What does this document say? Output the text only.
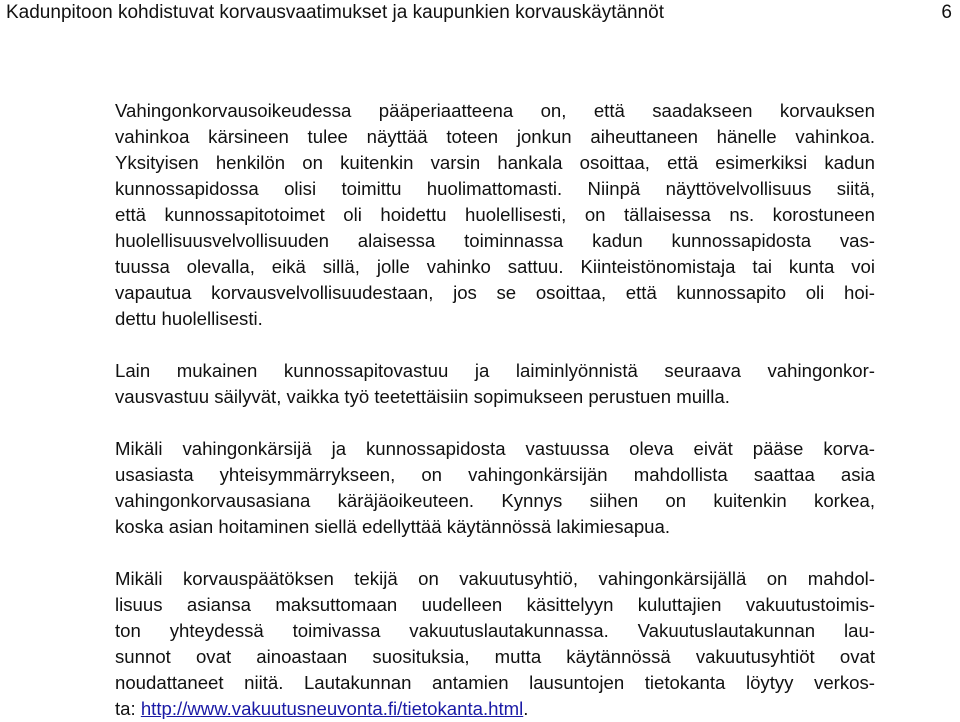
Kadunpitoon kohdistuvat korvausvaatimukset ja kaupunkien korvauskäytännöt	6

Vahingonkorvausoikeudessa pääperiaatteena on, että saadakseen korvauksen
vahinkoa kärsineen tulee näyttää toteen jonkun aiheuttaneen hänelle vahinkoa.
Yksityisen henkilön on kuitenkin varsin hankala osoittaa, että esimerkiksi kadun
kunnossapidossa olisi toimittu huolimattomasti. Niinpä näyttövelvollisuus siitä,
että kunnossapitotoimet oli hoidettu huolellisesti, on tällaisessa ns. korostuneen
huolellisuusvelvollisuuden alaisessa toiminnassa kadun kunnossapidosta vas-
tuussa olevalla, eikä sillä, jolle vahinko sattuu. Kiinteistönomistaja tai kunta voi
vapautua korvausvelvollisuudestaan, jos se osoittaa, että kunnossapito oli hoi-
dettu huolellisesti.

Lain mukainen kunnossapitovastuu ja laiminlyönnistä seuraava vahingonkor-
vausvastuu säilyvät, vaikka työ teetettäisiin sopimukseen perustuen muilla.

Mikäli vahingonkärsijä ja kunnossapidosta vastuussa oleva eivät pääse korva-
usasiasta yhteisymmärrykseen, on vahingonkärsijän mahdollista saattaa asia
vahingonkorvausasiana käräjäoikeuteen. Kynnys siihen on kuitenkin korkea,
koska asian hoitaminen siellä edellyttää käytännössä lakimiesapua.

Mikäli korvauspäätöksen tekijä on vakuutusyhtiö, vahingonkärsijällä on mahdol-
lisuus asiansa maksuttomaan uudelleen käsittelyyn kuluttajien vakuutustoimis-
ton yhteydessä toimivassa vakuutuslautakunnassa. Vakuutuslautakunnan lau-
sunnot ovat ainoastaan suosituksia, mutta käytännössä vakuutusyhtiöt ovat
noudattaneet niitä. Lautakunnan antamien lausuntojen tietokanta löytyy verkos-
ta: http://www.vakuutusneuvonta.fi/tietokanta.html.
